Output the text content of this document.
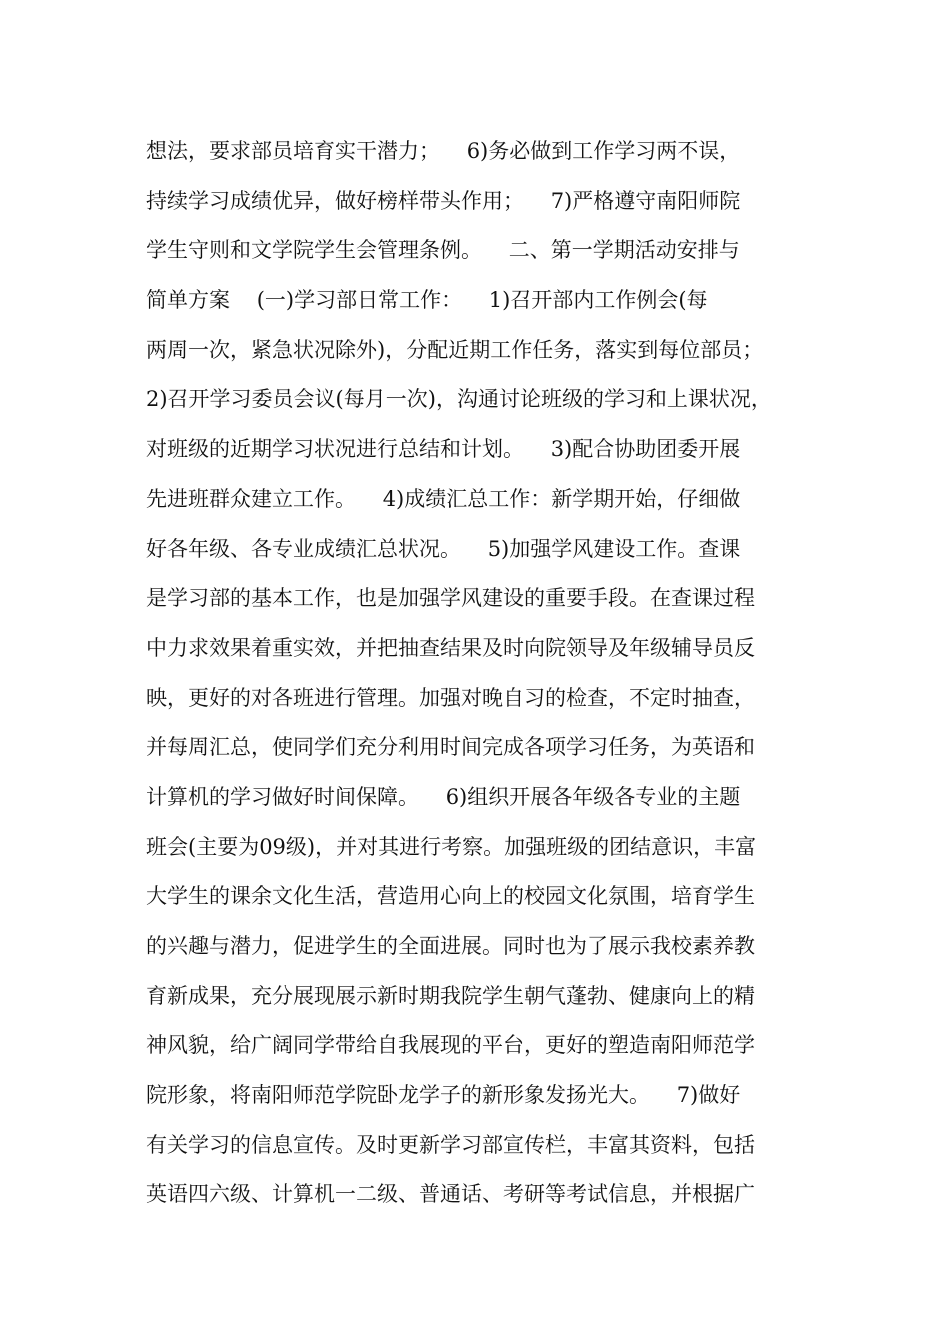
想法，要求部员培育实干潜力；    6)务必做到工作学习两不误，
持续学习成绩优异，做好榜样带头作用；    7)严格遵守南阳师院
学生守则和文学院学生会管理条例。    二、第一学期活动安排与
简单方案    (一)学习部日常工作：    1)召开部内工作例会(每
两周一次，紧急状况除外)，分配近期工作任务，落实到每位部员；
2)召开学习委员会议(每月一次)，沟通讨论班级的学习和上课状况，
对班级的近期学习状况进行总结和计划。    3)配合协助团委开展
先进班群众建立工作。    4)成绩汇总工作：新学期开始，仔细做
好各年级、各专业成绩汇总状况。    5)加强学风建设工作。查课
是学习部的基本工作，也是加强学风建设的重要手段。在查课过程
中力求效果着重实效，并把抽查结果及时向院领导及年级辅导员反
映，更好的对各班进行管理。加强对晚自习的检查，不定时抽查，
并每周汇总，使同学们充分利用时间完成各项学习任务，为英语和
计算机的学习做好时间保障。    6)组织开展各年级各专业的主题
班会(主要为09级)，并对其进行考察。加强班级的团结意识，丰富
大学生的课余文化生活，营造用心向上的校园文化氛围，培育学生
的兴趣与潜力，促进学生的全面进展。同时也为了展示我校素养教
育新成果，充分展现展示新时期我院学生朝气蓬勃、健康向上的精
神风貌，给广阔同学带给自我展现的平台，更好的塑造南阳师范学
院形象，将南阳师范学院卧龙学子的新形象发扬光大。    7)做好
有关学习的信息宣传。及时更新学习部宣传栏，丰富其资料，包括
英语四六级、计算机一二级、普通话、考研等考试信息，并根据广
